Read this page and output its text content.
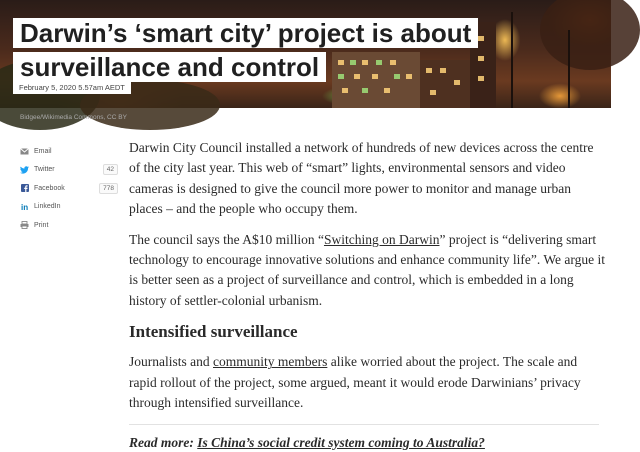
Darwin’s ‘smart city’ project is about
surveillance and control
February 5, 2020 5.57am AEDT
Bidgee/Wikimedia Commons, CC BY
Email
Twitter	42
Facebook	778
in LinkedIn
Print

Darwin City Council installed a network of hundreds of new devices across the centre of the city last year. This web of “smart” lights, environmental sensors and video cameras is designed to give the council more power to monitor and manage urban places – and the people who occupy them.

The council says the A$10 million “Switching on Darwin” project is “delivering smart technology to encourage innovative solutions and enhance community life”. We argue it is better seen as a project of surveillance and control, which is embedded in a long history of settler-colonial urbanism.

Intensified surveillance

Journalists and community members alike worried about the project. The scale and rapid rollout of the project, some argued, meant it would erode Darwinians’ privacy through intensified surveillance.

Read more: Is China’s social credit system coming to Australia?
